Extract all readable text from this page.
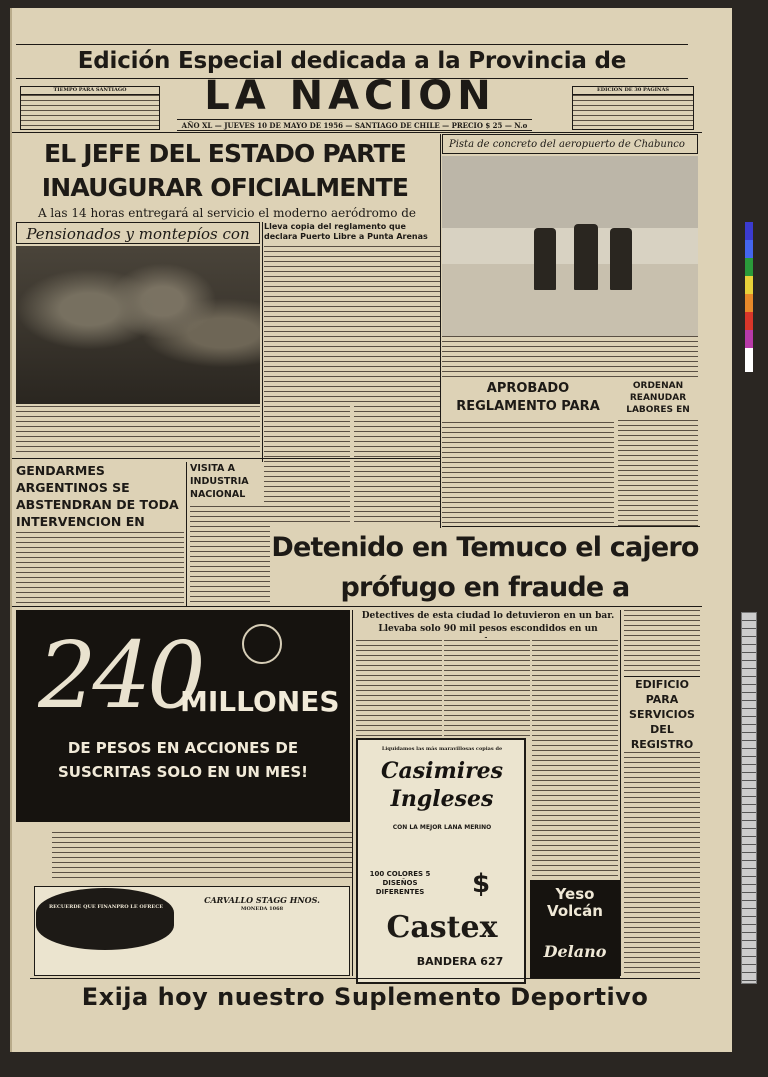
Edición Especial dedicada a la Provincia de
TIEMPO PARA SANTIAGO	LA NACION
AÑO XL — JUEVES 10 DE MAYO DE 1956 — SANTIAGO DE CHILE — PRECIO $ 25 — N.o
EDICION DE 30 PAGINAS
EL JEFE DEL ESTADO PARTE
INAUGURAR OFICIALMENTE
A las 14 horas entregará al servicio el moderno aeródromo de
Pensionados y montepíos con	Lleva copia del reglamento que declara Puerto Libre a Punta Arenas
Pista de concreto del aeropuerto de Chabunco
APROBADO REGLAMENTO PARA
ORDENAN REANUDAR LABORES EN
GENDARMES ARGENTINOS SE ABSTENDRAN DE TODA INTERVENCION EN
VISITA A INDUSTRIA NACIONAL
Detenido en Temuco el cajero prófugo en fraude a
Detectives de esta ciudad lo detuvieron en un bar. Llevaba solo 90 mil pesos escondidos en un
EDIFICIO PARA SERVICIOS DEL REGISTRO
240
MILLONES
DE PESOS EN ACCIONES DE
SUSCRITAS SOLO EN UN MES!
RECUERDE QUE FINANPRO LE OFRECE
CARVALLO STAGG HNOS.
MONEDA 1068
Liquidamos las más maravillosas copias de
Casimires
Ingleses
CON LA MEJOR LANA MERINO
100 COLORES 5 DISEÑOS DIFERENTES	$
Castex
BANDERA 627
Yeso Volcán
Delano
Exija hoy nuestro Suplemento Deportivo
